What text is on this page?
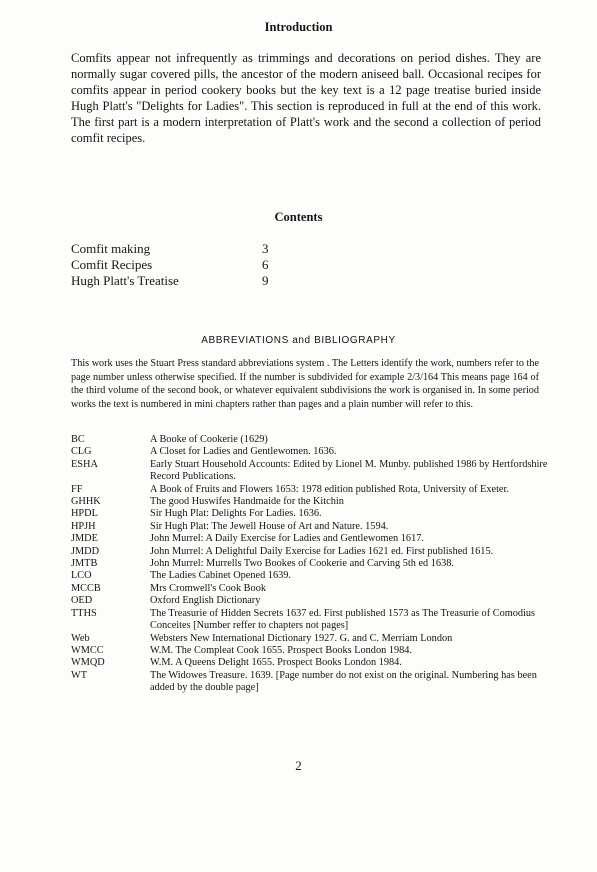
Introduction

Comfits appear not infrequently as trimmings and decorations on period dishes. They are normally sugar covered pills, the ancestor of the modern aniseed ball. Occasional recipes for comfits appear in period cookery books but the key text is a 12 page treatise buried inside Hugh Platt's "Delights for Ladies". This section is reproduced in full at the end of this work. The first part is a modern interpretation of Platt's work and the second a collection of period comfit recipes.

Contents
Comfit making	3
Comfit Recipes	6
Hugh Platt's Treatise	9
ABBREVIATIONS and BIBLIOGRAPHY

This work uses the Stuart Press standard abbreviations system . The Letters identify the work, numbers refer to the page number unless otherwise specified. If the number is subdivided for example 2/3/164 This means page 164 of the third volume of the second book, or whatever equivalent subdivisions the work is organised in. In some period works the text is numbered in mini chapters rather than pages and a plain number will refer to this.

BC	A Booke of Cookerie (1629)
CLG	A Closet for Ladies and Gentlewomen. 1636.
ESHA	Early Stuart Household Accounts: Edited by Lionel M. Munby. published 1986 by Hertfordshire Record Publications.
FF	A Book of Fruits and Flowers 1653: 1978 edition published Rota, University of Exeter.
GHHK	The good Huswifes Handmaide for the Kitchin
HPDL	Sir Hugh Plat: Delights For Ladies. 1636.
HPJH	Sir Hugh Plat: The Jewell House of Art and Nature. 1594.
JMDE	John Murrel: A Daily Exercise for Ladies and Gentlewomen 1617.
JMDD	John Murrel: A Delightful Daily Exercise for Ladies 1621 ed. First published 1615.
JMTB	John Murrel: Murrells Two Bookes of Cookerie and Carving 5th ed 1638.
LCO	The Ladies Cabinet Opened 1639.
MCCB	Mrs Cromwell's Cook Book
OED	Oxford English Dictionary
TTHS	The Treasurie of Hidden Secrets 1637 ed. First published 1573 as The Treasurie of Comodius Conceites [Number reffer to chapters not pages]
Web	Websters New International Dictionary 1927. G. and C. Merriam London
WMCC	W.M. The Compleat Cook 1655. Prospect Books London 1984.
WMQD	W.M. A Queens Delight 1655. Prospect Books London 1984.
WT	The Widowes Treasure. 1639. [Page number do not exist on the original. Numbering has been added by the double page]
2
